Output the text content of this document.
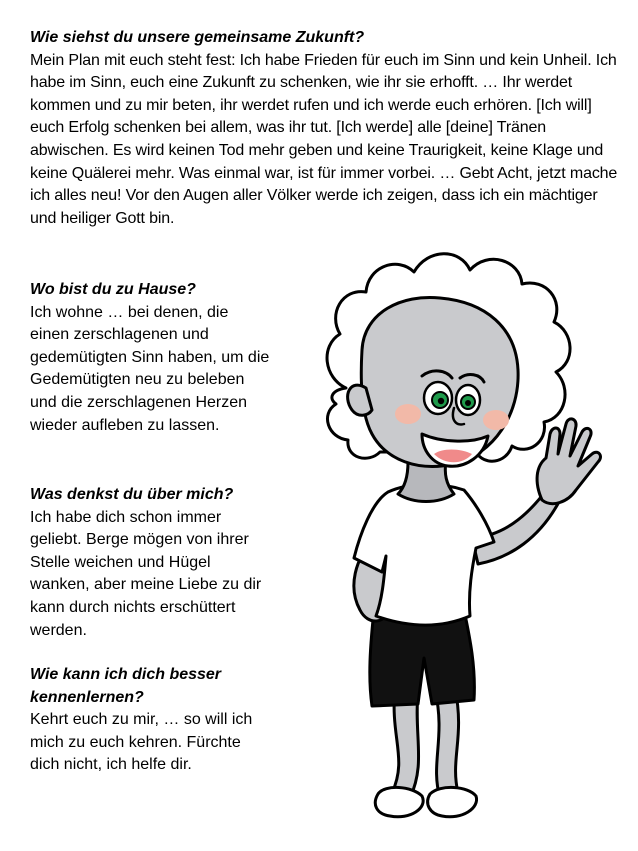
Wie siehst du unsere gemeinsame Zukunft?

Mein Plan mit euch steht fest: Ich habe Frieden für euch im Sinn und kein Unheil. Ich habe im Sinn, euch eine Zukunft zu schenken, wie ihr sie erhofft. … Ihr werdet kommen und zu mir beten, ihr werdet rufen und ich werde euch erhören. [Ich will] euch Erfolg schenken bei allem, was ihr tut. [Ich werde] alle [deine] Tränen abwischen. Es wird keinen Tod mehr geben und keine Traurigkeit, keine Klage und keine Quälerei mehr. Was einmal war, ist für immer vorbei. … Gebt Acht, jetzt mache ich alles neu! Vor den Augen aller Völker werde ich zeigen, dass ich ein mächtiger und heiliger Gott bin.

Wo bist du zu Hause?

Ich wohne … bei denen, die einen zerschlagenen und gedemütigten Sinn haben, um die Gedemütigten neu zu beleben und die zerschlagenen Herzen wieder aufleben zu lassen.

Was denkst du über mich?

Ich habe dich schon immer geliebt. Berge mögen von ihrer Stelle weichen und Hügel wanken, aber meine Liebe zu dir kann durch nichts erschüttert werden.

Wie kann ich dich besser kennenlernen?

Kehrt euch zu mir, … so will ich mich zu euch kehren. Fürchte dich nicht, ich helfe dir.
